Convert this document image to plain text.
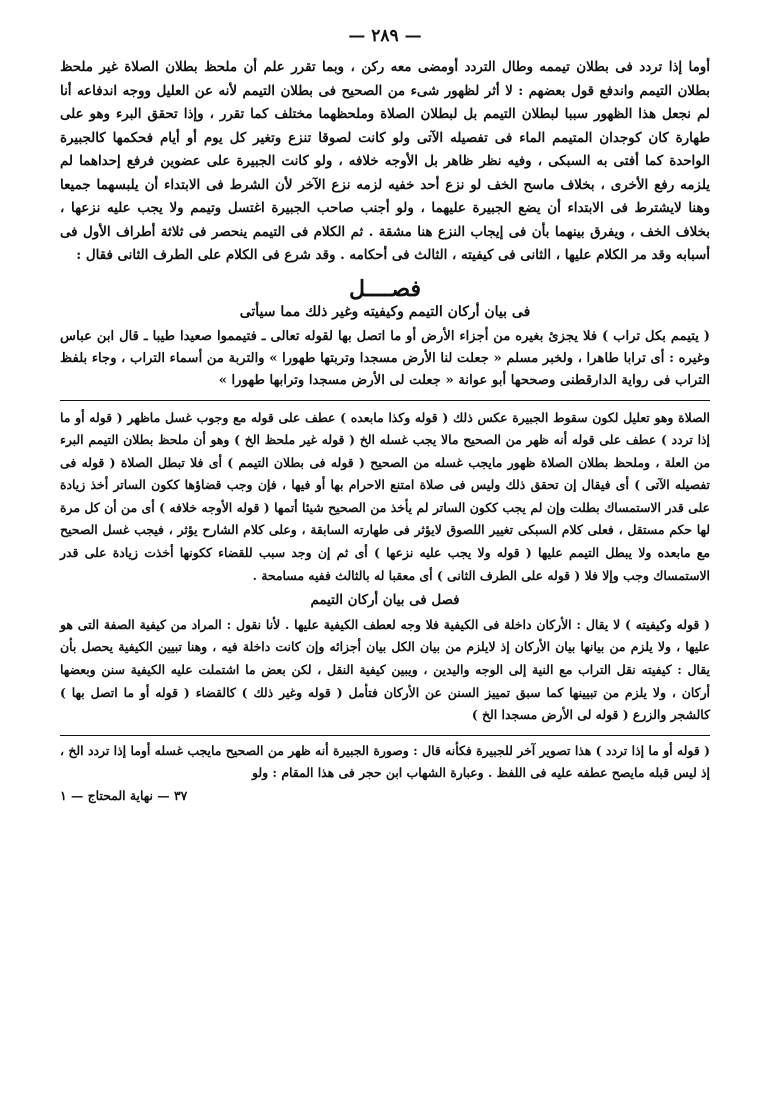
— ٢٨٩ —

أوما إذا تردد فى بطلان تيممه وطال التردد أومضى معه ركن ، وبما تقرر علم أن ملحظ بطلان الصلاة غير ملحظ بطلان التيمم واندفع قول بعضهم : لا أثر لظهور شىء من الصحيح فى بطلان التيمم لأنه عن العليل ووجه اندفاعه أنا لم نجعل هذا الظهور سببا لبطلان التيمم بل لبطلان الصلاة وملحظهما مختلف كما تقرر ، وإذا تحقق البرء وهو على طهارة كان كوجدان المتيمم الماء فى تفصيله الآتى ولو كانت لصوقا تنزع وتغير كل يوم أو أيام فحكمها كالجبيرة الواحدة كما أفتى به السبكى ، وفيه نظر ظاهر بل الأوجه خلافه ، ولو كانت الجبيرة على عضوين فرفع إحداهما لم يلزمه رفع الأخرى ، بخلاف ماسح الخف لو نزع أحد خفيه لزمه نزع الآخر لأن الشرط فى الابتداء أن يلبسهما جميعا وهنا لايشترط فى الابتداء أن يضع الجبيرة عليهما ، ولو أجنب صاحب الجبيرة اغتسل وتيمم ولا يجب عليه نزعها ، بخلاف الخف ، ويفرق بينهما بأن فى إيجاب النزع هنا مشقة . ثم الكلام فى التيمم ينحصر فى ثلاثة أطراف الأول فى أسبابه وقد مر الكلام عليها ، الثانى فى كيفيته ، الثالث فى أحكامه . وقد شرع فى الكلام على الطرف الثانى فقال :

فصــــل
فى بيان أركان التيمم وكيفيته وغير ذلك مما سيأتى

( يتيمم بكل تراب ) فلا يجزئ بغيره من أجزاء الأرض أو ما اتصل بها لقوله تعالى ـ فتيمموا صعيدا طيبا ـ قال ابن عباس وغيره : أى ترابا طاهرا ، ولخبر مسلم « جعلت لنا الأرض مسجدا وتربتها طهورا » والتربة من أسماء التراب ، وجاء بلفظ التراب فى رواية الدارقطنى وصححها أبو عوانة « جعلت لى الأرض مسجدا وترابها طهورا »

الصلاة وهو تعليل لكون سقوط الجبيرة عكس ذلك ( قوله وكذا مابعده ) عطف على قوله مع وجوب غسل ماظهر ( قوله أو ما إذا تردد ) عطف على قوله أنه ظهر من الصحيح مالا يجب غسله الخ ( قوله غير ملحظ الخ ) وهو أن ملحظ بطلان التيمم البرء من العلة ، وملحظ بطلان الصلاة ظهور مايجب غسله من الصحيح ( قوله فى بطلان التيمم ) أى فلا تبطل الصلاة ( قوله فى تفصيله الآتى ) أى فيقال إن تحقق ذلك وليس فى صلاة امتنع الاحرام بها أو فيها ، فإن وجب قضاؤها ككون الساتر أخذ زيادة على قدر الاستمساك بطلت وإن لم يجب ككون الساتر لم يأخذ من الصحيح شيئا أتمها ( قوله الأوجه خلافه ) أى من أن كل مرة لها حكم مستقل ، فعلى كلام السبكى تغيير اللصوق لايؤثر فى طهارته السابقة ، وعلى كلام الشارح يؤثر ، فيجب غسل الصحيح مع مابعده ولا يبطل التيمم عليها ( قوله ولا يجب عليه نزعها ) أى ثم إن وجد سبب للقضاء ككونها أخذت زيادة على قدر الاستمساك وجب وإلا فلا ( قوله على الطرف الثانى ) أى معقبا له بالثالث ففيه مسامحة .

فصل فى بيان أركان التيمم

( قوله وكيفيته ) لا يقال : الأركان داخلة فى الكيفية فلا وجه لعطف الكيفية عليها . لأنا نقول : المراد من كيفية الصفة التى هو عليها ، ولا يلزم من بيانها بيان الأركان إذ لايلزم من بيان الكل بيان أجزائه وإن كانت داخلة فيه ، وهنا تبيين الكيفية يحصل بأن يقال : كيفيته نقل التراب مع النية إلى الوجه واليدين ، ويبين كيفية النقل ، لكن بعض ما اشتملت عليه الكيفية سنن وبعضها أركان ، ولا يلزم من تبيينها كما سبق تمييز السنن عن الأركان فتأمل ( قوله وغير ذلك ) كالقضاء ( قوله أو ما اتصل بها ) كالشجر والزرع ( قوله لى الأرض مسجدا الخ )

( قوله أو ما إذا تردد ) هذا تصوير آخر للجبيرة فكأنه قال : وصورة الجبيرة أنه ظهر من الصحيح مايجب غسله أوما إذا تردد الخ ، إذ ليس قبله مايصح عطفه عليه فى اللفظ . وعبارة الشهاب ابن حجر فى هذا المقام : ولو

٣٧ — نهاية المحتاج — ١
